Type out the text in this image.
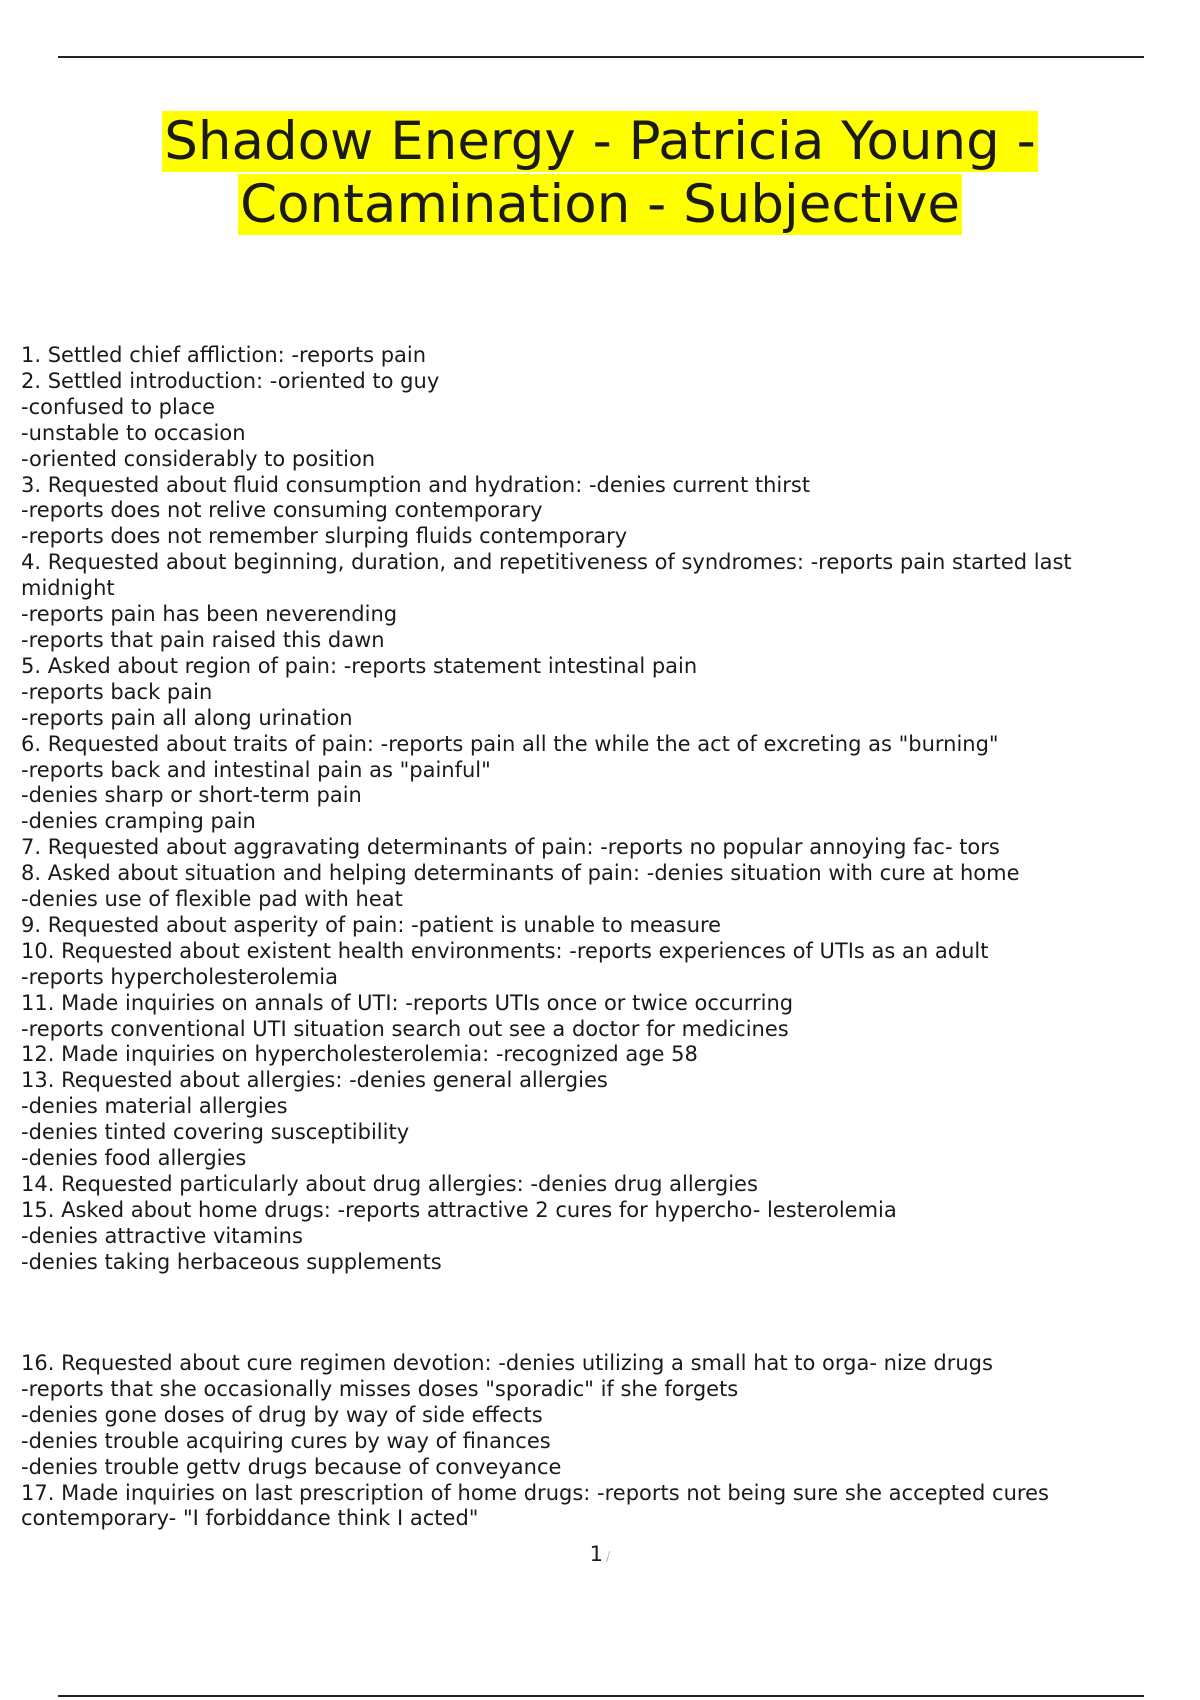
Shadow Energy - Patricia Young -
Contamination - Subjective

1. Settled chief affliction: -reports pain

2. Settled introduction: -oriented to guy

-confused to place

-unstable to occasion

-oriented considerably to position

3. Requested about fluid consumption and hydration: -denies current thirst

-reports does not relive consuming contemporary

-reports does not remember slurping fluids contemporary

4. Requested about beginning, duration, and repetitiveness of syndromes: -reports pain started last midnight

-reports pain has been neverending

-reports that pain raised this dawn

5. Asked about region of pain: -reports statement intestinal pain

-reports back pain

-reports pain all along urination

6. Requested about traits of pain: -reports pain all the while the act of excreting as "burning"

-reports back and intestinal pain as "painful"

-denies sharp or short-term pain

-denies cramping pain

7. Requested about aggravating determinants of pain: -reports no popular annoying fac- tors

8. Asked about situation and helping determinants of pain: -denies situation with cure at home

-denies use of flexible pad with heat

9. Requested about asperity of pain: -patient is unable to measure

10. Requested about existent health environments: -reports experiences of UTIs as an adult

-reports hypercholesterolemia

11. Made inquiries on annals of UTI: -reports UTIs once or twice occurring

-reports conventional UTI situation search out see a doctor for medicines

12. Made inquiries on hypercholesterolemia: -recognized age 58

13. Requested about allergies: -denies general allergies

-denies material allergies

-denies tinted covering susceptibility

-denies food allergies

14. Requested particularly about drug allergies: -denies drug allergies

15. Asked about home drugs: -reports attractive 2 cures for hypercho- lesterolemia

-denies attractive vitamins

-denies taking herbaceous supplements

16. Requested about cure regimen devotion: -denies utilizing a small hat to orga- nize drugs

-reports that she occasionally misses doses "sporadic" if she forgets

-denies gone doses of drug by way of side effects

-denies trouble acquiring cures by way of finances

-denies trouble gettv drugs because of conveyance

17. Made inquiries on last prescription of home drugs: -reports not being sure she accepted cures contemporary- "I forbiddance think I acted"

1 /
